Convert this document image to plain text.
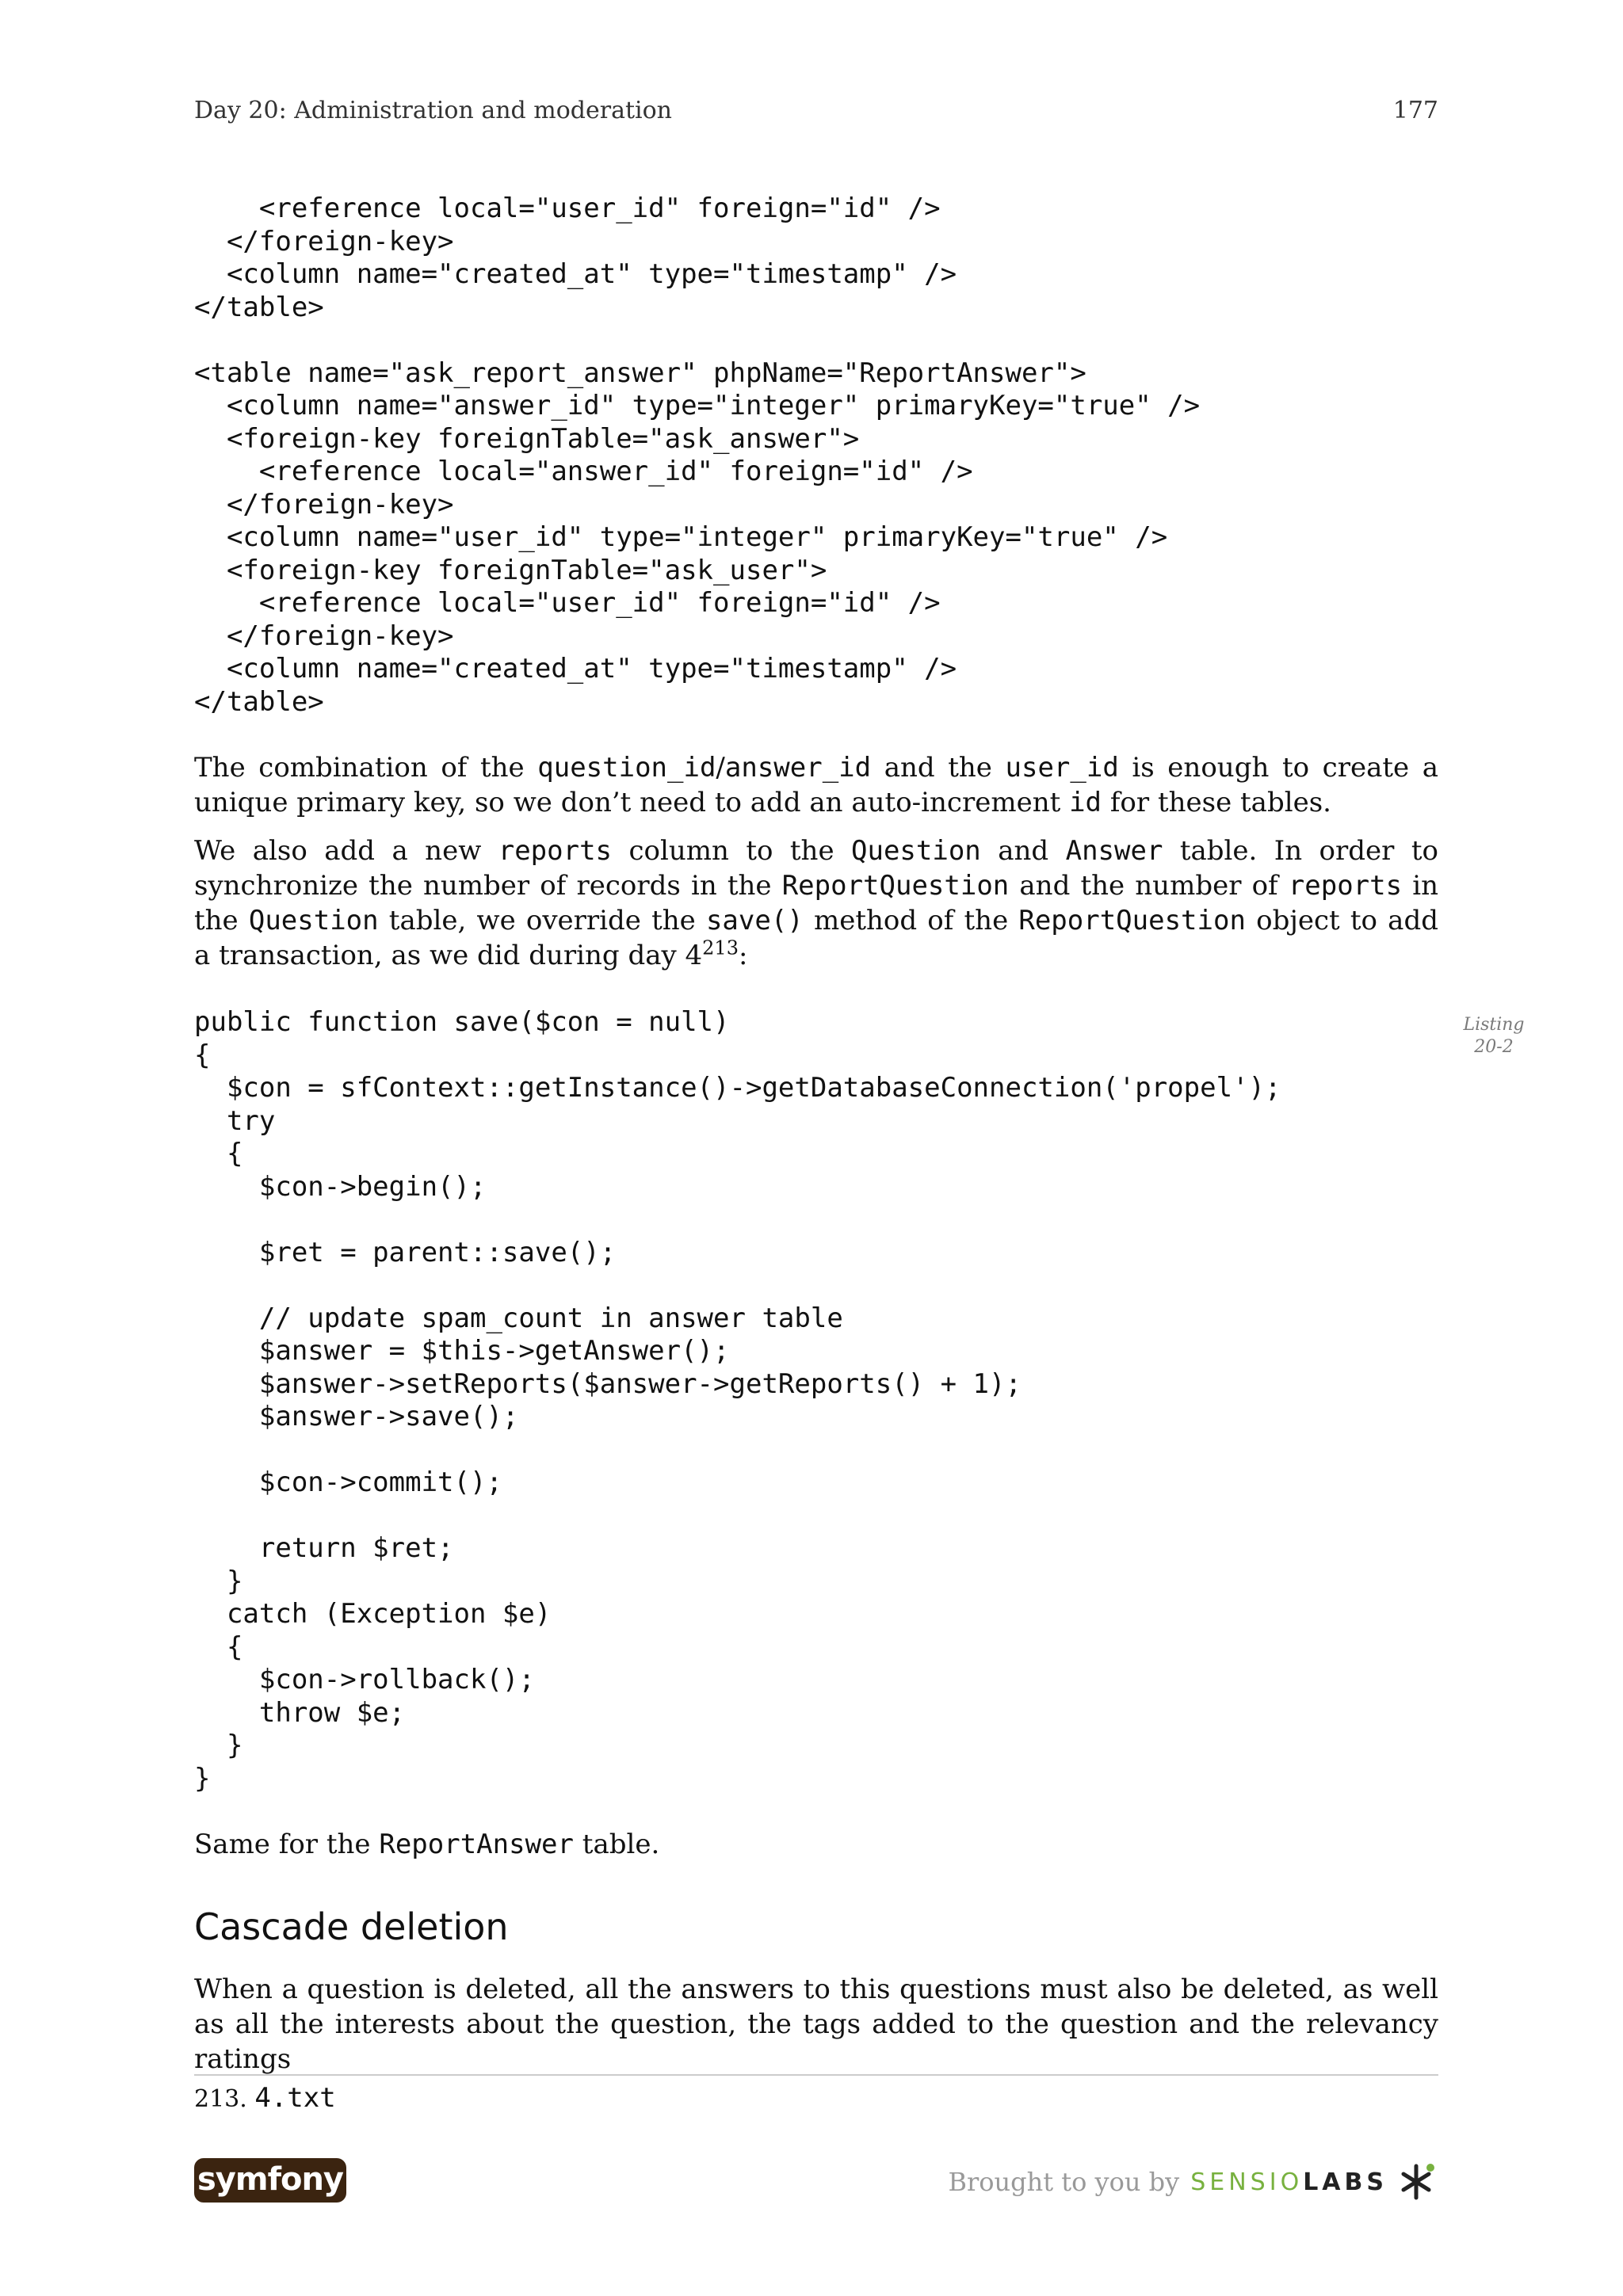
Day 20: Administration and moderation	177
<reference local="user_id" foreign="id" />
</foreign-key>
<column name="created_at" type="timestamp" />
</table>

<table name="ask_report_answer" phpName="ReportAnswer">
<column name="answer_id" type="integer" primaryKey="true" />
<foreign-key foreignTable="ask_answer">
<reference local="answer_id" foreign="id" />
</foreign-key>
<column name="user_id" type="integer" primaryKey="true" />
<foreign-key foreignTable="ask_user">
<reference local="user_id" foreign="id" />
</foreign-key>
<column name="created_at" type="timestamp" />
</table>

The combination of the question_id/answer_id and the user_id is enough to create a unique primary key, so we don’t need to add an auto-increment id for these tables.

We also add a new reports column to the Question and Answer table. In order to synchronize the number of records in the ReportQuestion and the number of reports in the Question table, we override the save() method of the ReportQuestion object to add a transaction, as we did during day $4^{213}$:

Listing
20-2
public function save($con = null)
{
$con = sfContext::getInstance()->getDatabaseConnection('propel');
try
{
$con->begin();

$ret = parent::save();

// update spam_count in answer table
$answer = $this->getAnswer();
$answer->setReports($answer->getReports() + 1);
$answer->save();

$con->commit();

return $ret;
}
catch (Exception $e)
{
$con->rollback();
throw $e;
}
}

Same for the ReportAnswer table.

Cascade deletion

When a question is deleted, all the answers to this questions must also be deleted, as well as all the interests about the question, the tags added to the question and the relevancy ratings

213. 4.txt
symfony	Brought to you by SENSIOLABS
